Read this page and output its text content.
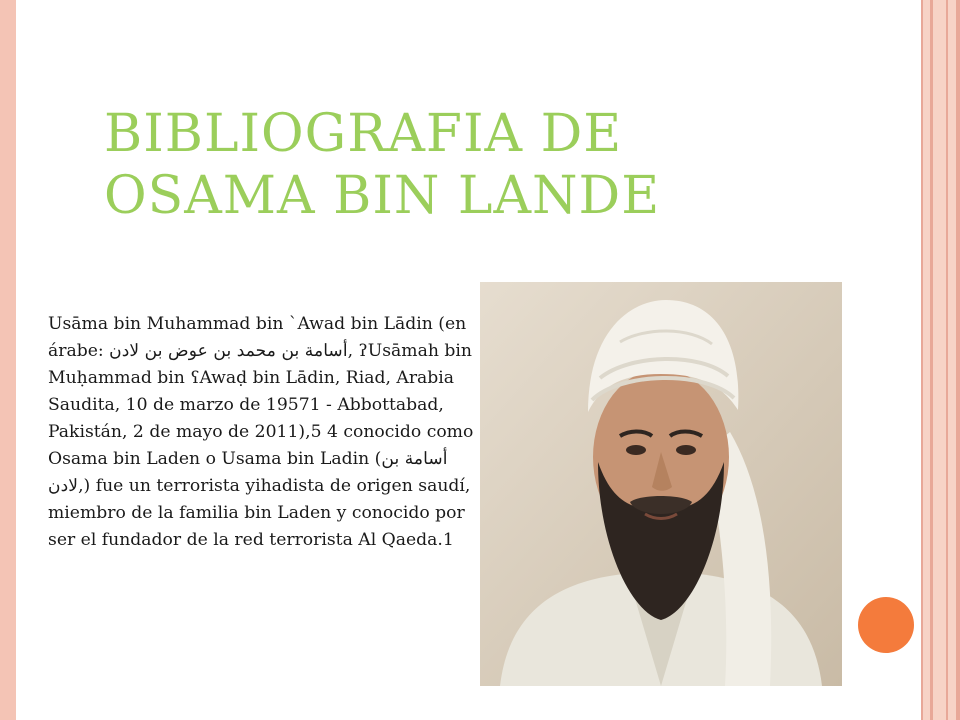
BIBLIOGRAFIA DE
OSAMA BIN LANDE

Usāma bin Muhammad bin `Awad bin Lādin (en árabe: أسامة بن محمد بن عوض بن لادن, ʔUsāmah bin Muḥammad bin ʕAwaḍ bin Lādin, Riad, Arabia Saudita, 10 de marzo de 19571 - Abbottabad, Pakistán, 2 de mayo de 2011),5 4 conocido como Osama bin Laden o Usama bin Ladin (أسامة بن لادن,) fue un terrorista yihadista de origen saudí, miembro de la familia bin Laden y conocido por ser el fundador de la red terrorista Al Qaeda.1
